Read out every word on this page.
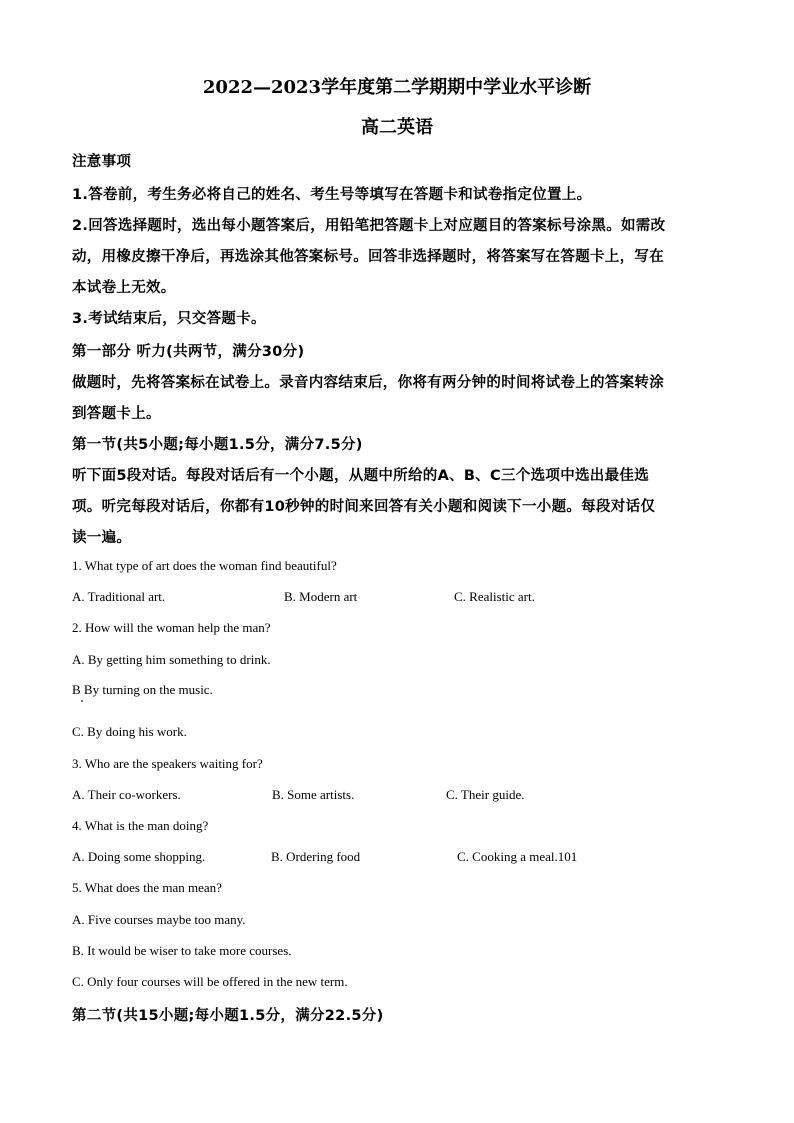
2022—2023学年度第二学期期中学业水平诊断
高二英语
注意事项
1.答卷前，考生务必将自己的姓名、考生号等填写在答题卡和试卷指定位置上。
2.回答选择题时，选出每小题答案后，用铅笔把答题卡上对应题目的答案标号涂黑。如需改
动，用橡皮擦干净后，再选涂其他答案标号。回答非选择题时，将答案写在答题卡上，写在
本试卷上无效。
3.考试结束后，只交答题卡。
第一部分 听力(共两节，满分30分)
做题时，先将答案标在试卷上。录音内容结束后，你将有两分钟的时间将试卷上的答案转涂
到答题卡上。
第一节(共5小题;每小题1.5分，满分7.5分)
听下面5段对话。每段对话后有一个小题，从题中所给的A、B、C三个选项中选出最佳选
项。听完每段对话后，你都有10秒钟的时间来回答有关小题和阅读下一小题。每段对话仅
读一遍。
1. What type of art does the woman find beautiful?
A. Traditional art.	B. Modern art	C. Realistic art.
2. How will the woman help the man?
A. By getting him something to drink.
B By turning on the music.
C. By doing his work.
3. Who are the speakers waiting for?
A. Their co-workers.	B. Some artists.	C. Their guide.
4. What is the man doing?
A. Doing some shopping.	B. Ordering food	C. Cooking a meal.101
5. What does the man mean?
A. Five courses maybe too many.
B. It would be wiser to take more courses.
C. Only four courses will be offered in the new term.
第二节(共15小题;每小题1.5分，满分22.5分)
